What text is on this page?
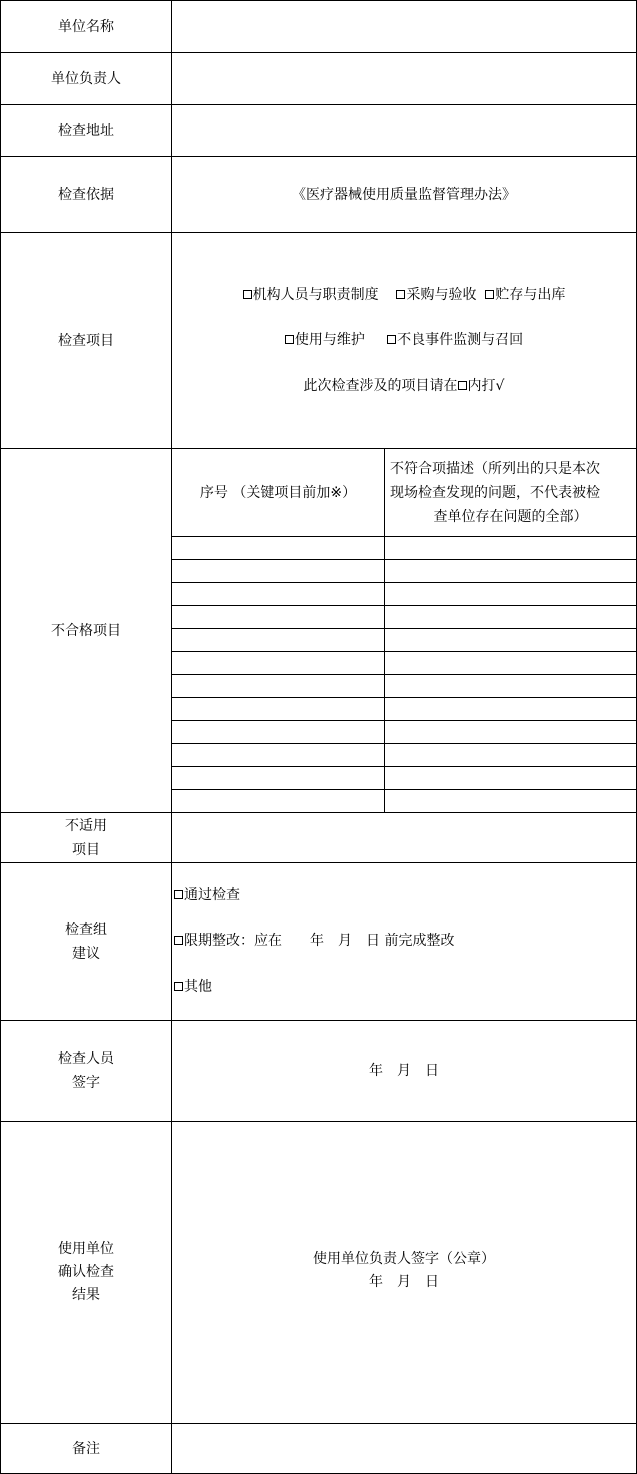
单位名称
单位负责人
检查地址
检查依据	《医疗器械使用质量监督管理办法》
检查项目
机构人员与职责制度 采购与验收 贮存与出库
使用与维护 不良事件监测与召回
此次检查涉及的项目请在 内打√
不合格项目
序号 （关键项目前加※）
不符合项描述（所列出的只是本次
现场检查发现的问题，不代表被检
查单位存在问题的全部）
不适用
项目
检查组
建议
通过检查
限期整改：应在　　年　月　日 前完成整改
其他
检查人员
签字
年　月　日
使用单位
确认检查
结果
使用单位负责人签字（公章）
年　月　日
备注
